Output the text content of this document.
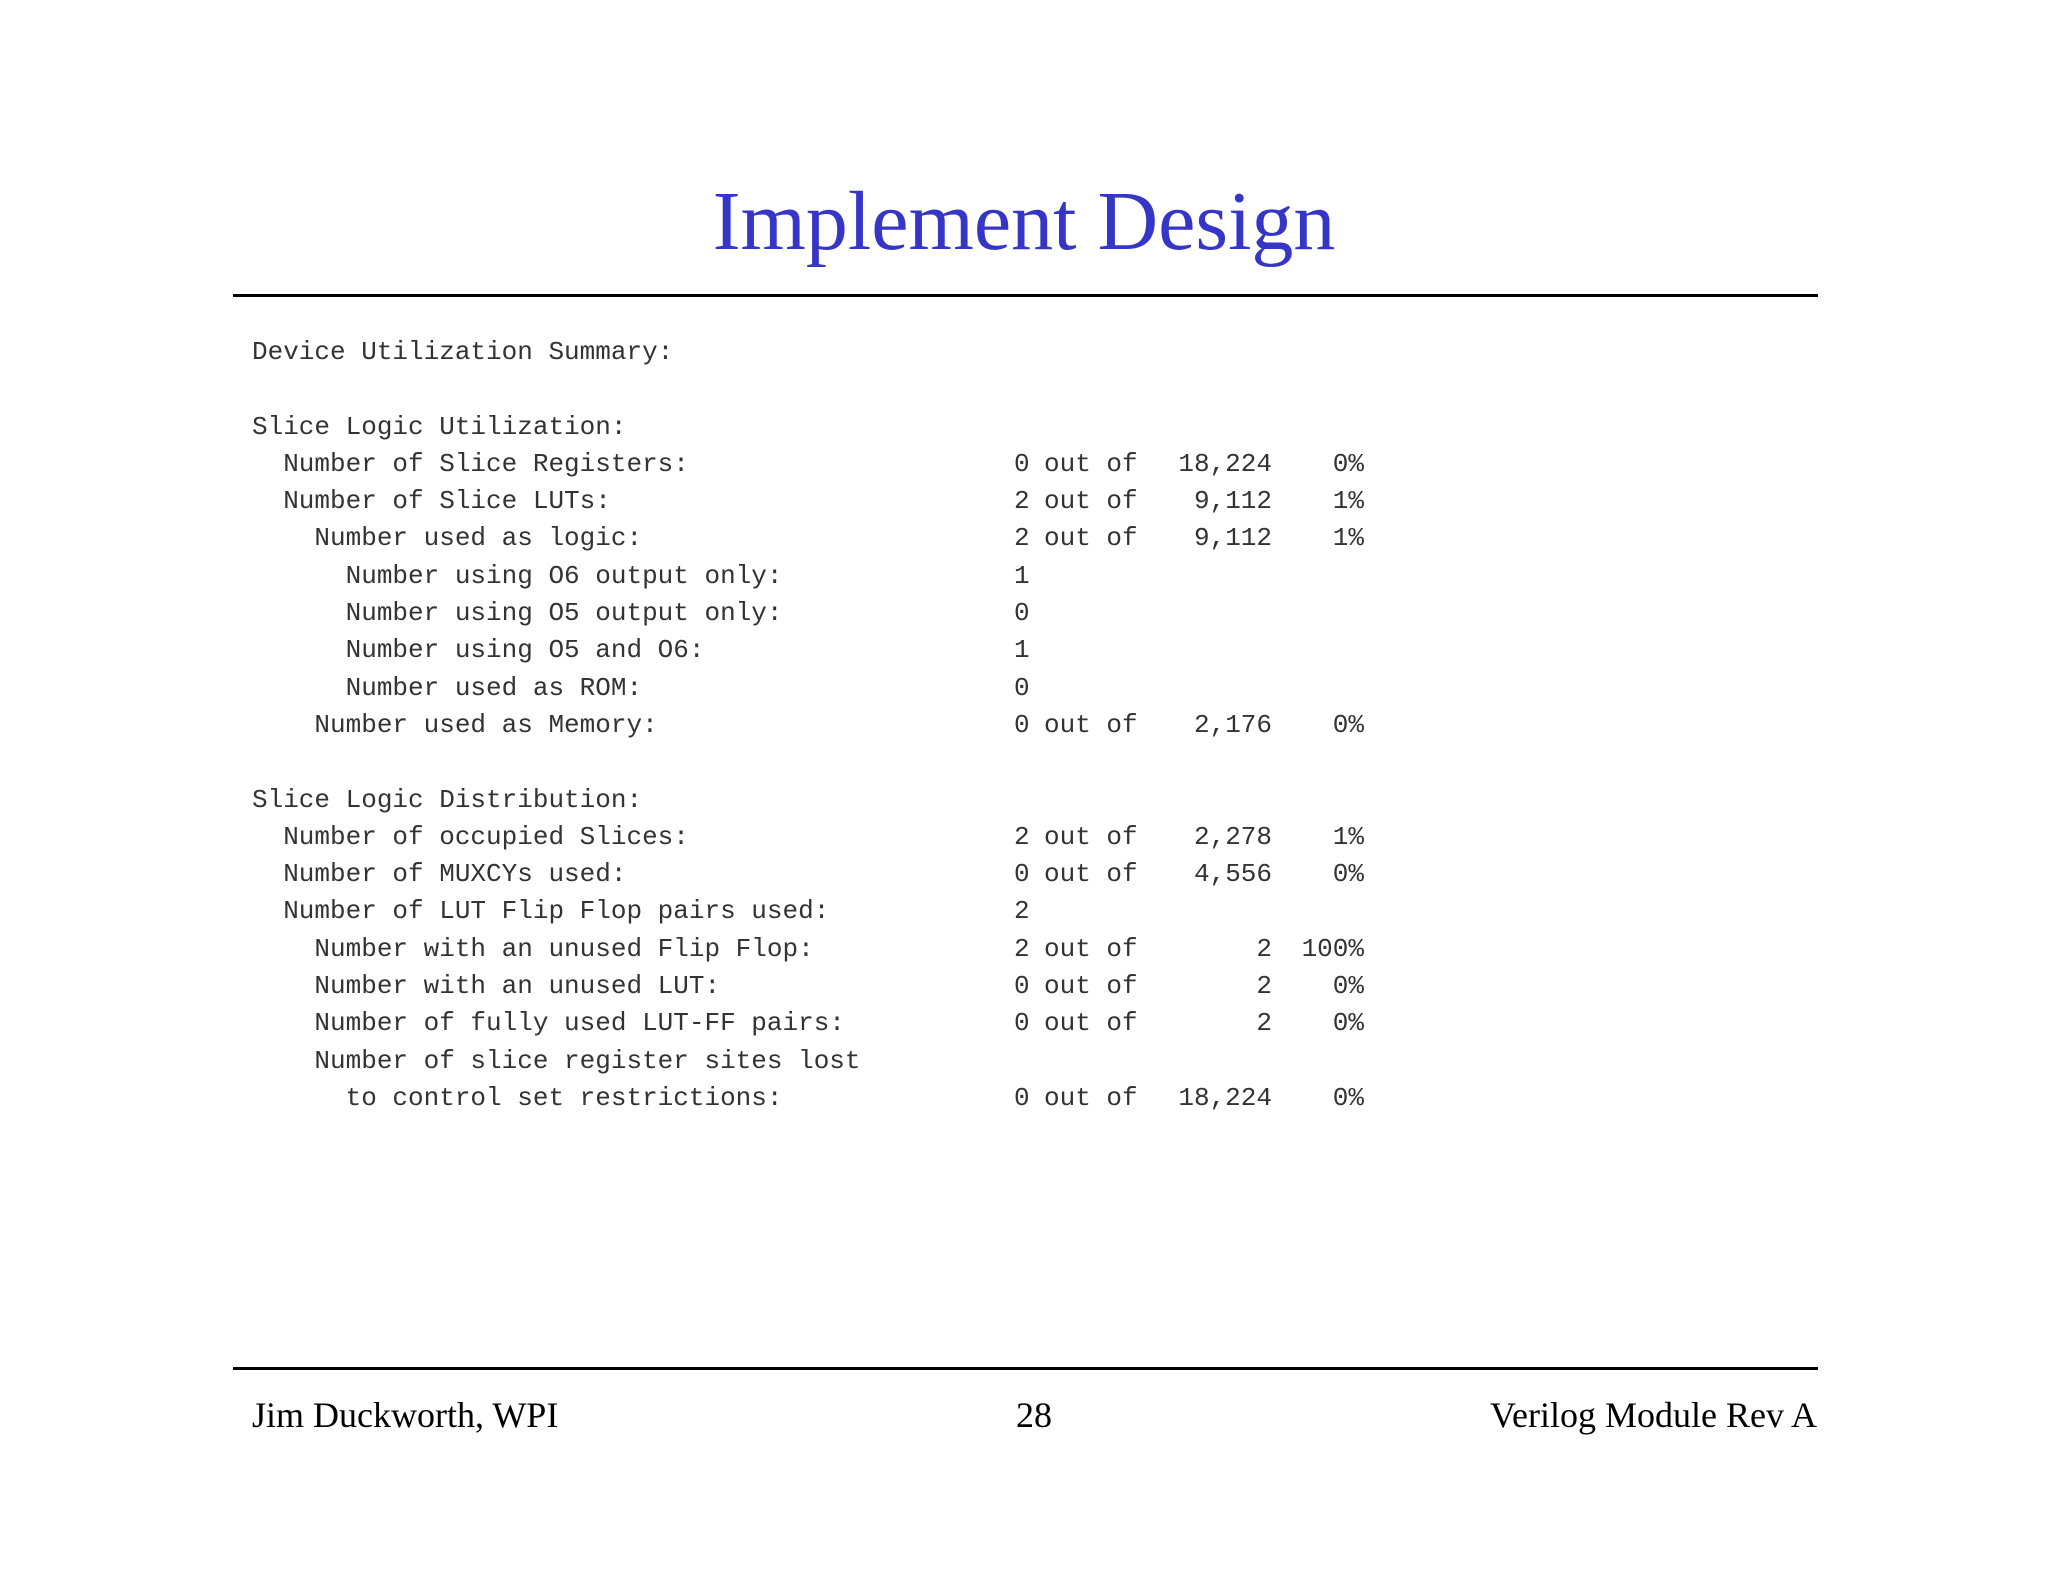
Implement Design
Device Utilization Summary:
Slice Logic Utilization:
Number of Slice Registers:	0 out of 18,224 0%
Number of Slice LUTs:	2 out of 9,112 1%
Number used as logic:	2 out of 9,112 1%
Number using O6 output only:	1
Number using O5 output only:	0
Number using O5 and O6:	1
Number used as ROM:	0
Number used as Memory:	0 out of 2,176 0%
Slice Logic Distribution:
Number of occupied Slices:	2 out of 2,278 1%
Number of MUXCYs used:	0 out of 4,556 0%
Number of LUT Flip Flop pairs used:	2
Number with an unused Flip Flop:	2 out of	2 100%
Number with an unused LUT:	0 out of	2 0%
Number of fully used LUT-FF pairs:	0 out of	2 0%
Number of slice register sites lost
to control set restrictions:	0 out of 18,224 0%
Jim Duckworth, WPI	28	Verilog Module Rev A
